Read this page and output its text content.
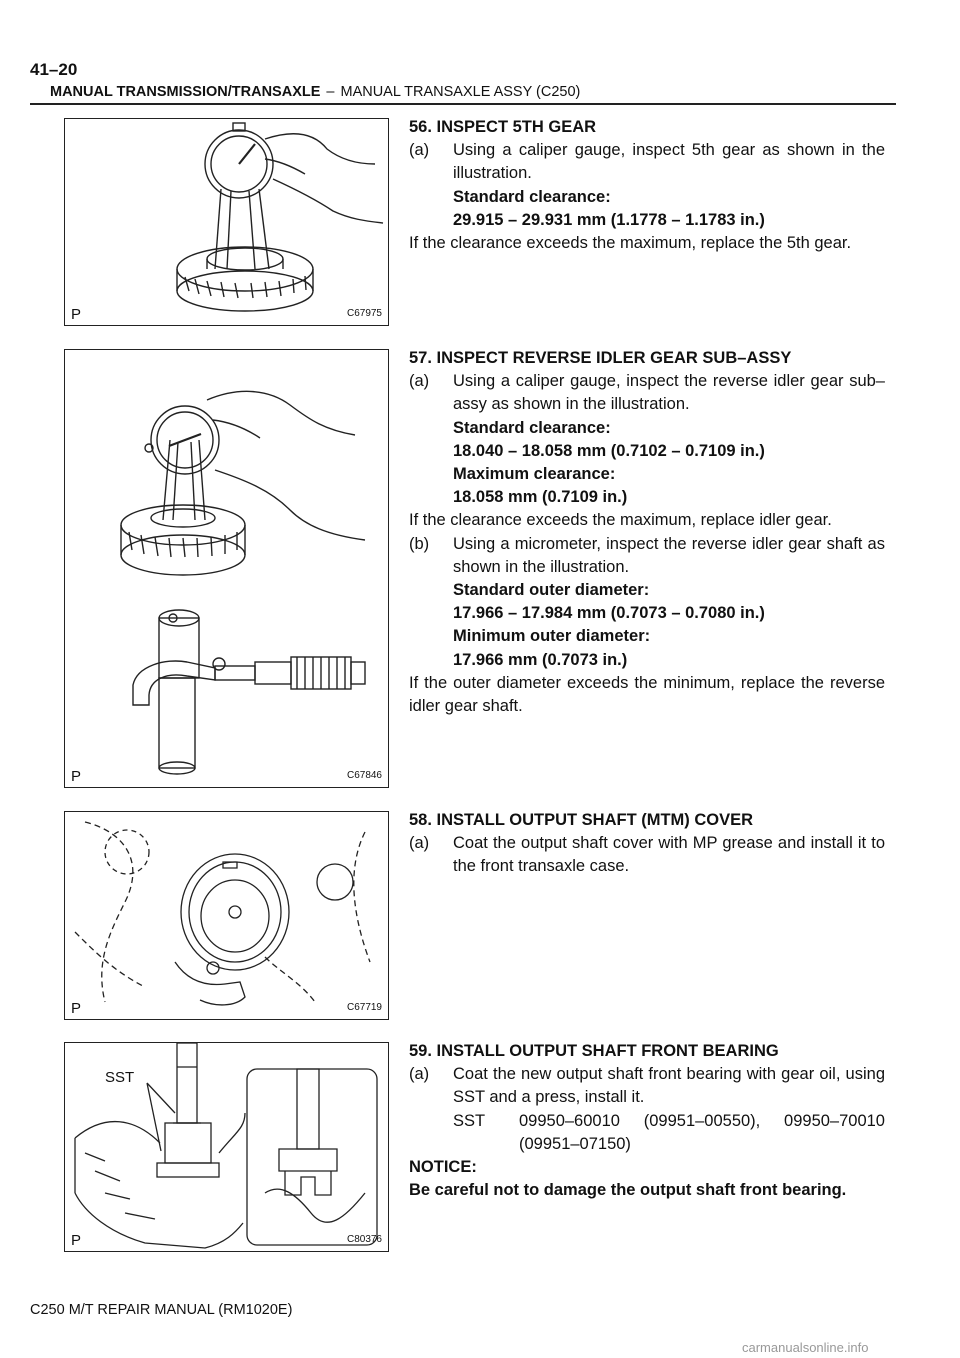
41–20
MANUAL TRANSMISSION/TRANSAXLE – MANUAL TRANSAXLE ASSY (C250)
P	C67975
P	C67846
P	C67719
SST
P	C80376
56. INSPECT 5TH GEAR
(a) Using a caliper gauge, inspect 5th gear as shown in the illustration.
Standard clearance:
29.915 – 29.931 mm (1.1778 – 1.1783 in.)
If the clearance exceeds the maximum, replace the 5th gear.
57. INSPECT REVERSE IDLER GEAR SUB–ASSY
(a) Using a caliper gauge, inspect the reverse idler gear sub–assy as shown in the illustration.
Standard clearance:
18.040 – 18.058 mm (0.7102 – 0.7109 in.)
Maximum clearance:
18.058 mm (0.7109 in.)
If the clearance exceeds the maximum, replace idler gear.
(b) Using a micrometer, inspect the reverse idler gear shaft as shown in the illustration.
Standard outer diameter:
17.966 – 17.984 mm (0.7073 – 0.7080 in.)
Minimum outer diameter:
17.966 mm (0.7073 in.)
If the outer diameter exceeds the minimum, replace the reverse idler gear shaft.
58. INSTALL OUTPUT SHAFT (MTM) COVER
(a) Coat the output shaft cover with MP grease and install it to the front transaxle case.
59. INSTALL OUTPUT SHAFT FRONT BEARING
(a) Coat the new output shaft front bearing with gear oil, using SST and a press, install it.
SST 09950–60010 (09951–00550), 09950–70010 (09951–07150)
NOTICE:
Be careful not to damage the output shaft front bearing.
C250 M/T REPAIR MANUAL (RM1020E)
carmanualsonline.info
